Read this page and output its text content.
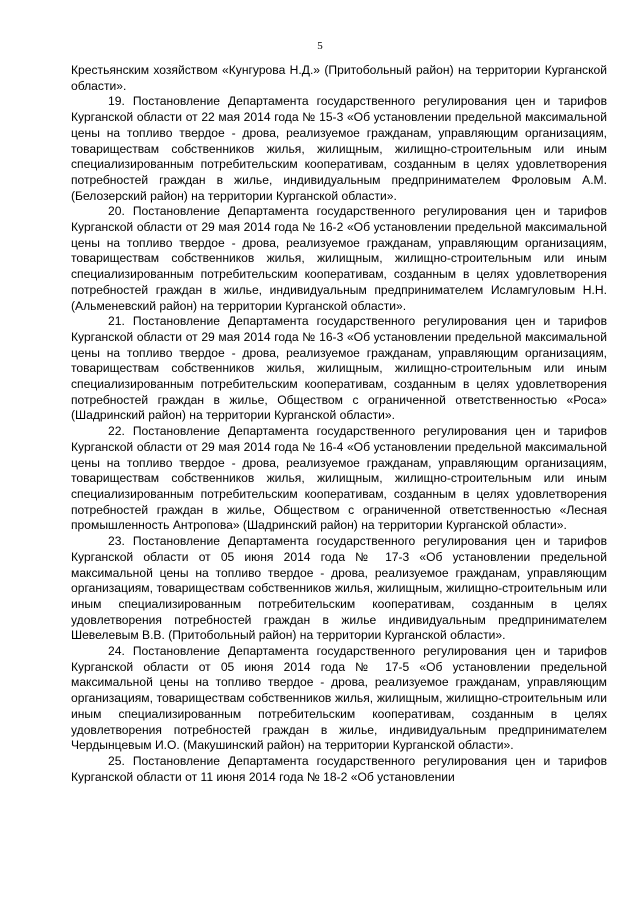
5

Крестьянским хозяйством «Кунгурова Н.Д.» (Притобольный район) на территории Курганской области».

19. Постановление Департамента государственного регулирования цен и тарифов Курганской области от 22 мая 2014 года № 15-3 «Об установлении предельной максимальной цены на топливо твердое - дрова, реализуемое гражданам, управляющим организациям, товариществам собственников жилья, жилищным, жилищно-строительным или иным специализированным потребительским кооперативам, созданным в целях удовлетворения потребностей граждан в жилье, индивидуальным предпринимателем Фроловым А.М. (Белозерский район) на территории Курганской области».

20. Постановление Департамента государственного регулирования цен и тарифов Курганской области от 29 мая 2014 года № 16-2 «Об установлении предельной максимальной цены на топливо твердое - дрова, реализуемое гражданам, управляющим организациям, товариществам собственников жилья, жилищным, жилищно-строительным или иным специализированным потребительским кооперативам, созданным в целях удовлетворения потребностей граждан в жилье, индивидуальным предпринимателем Исламгуловым Н.Н. (Альменевский район) на территории Курганской области».

21. Постановление Департамента государственного регулирования цен и тарифов Курганской области от 29 мая 2014 года № 16-3 «Об установлении предельной максимальной цены на топливо твердое - дрова, реализуемое гражданам, управляющим организациям, товариществам собственников жилья, жилищным, жилищно-строительным или иным специализированным потребительским кооперативам, созданным в целях удовлетворения потребностей граждан в жилье, Обществом с ограниченной ответственностью «Роса» (Шадринский район) на территории Курганской области».

22. Постановление Департамента государственного регулирования цен и тарифов Курганской области от 29 мая 2014 года № 16-4 «Об установлении предельной максимальной цены на топливо твердое - дрова, реализуемое гражданам, управляющим организациям, товариществам собственников жилья, жилищным, жилищно-строительным или иным специализированным потребительским кооперативам, созданным в целях удовлетворения потребностей граждан в жилье, Обществом с ограниченной ответственностью «Лесная промышленность Антропова» (Шадринский район) на территории Курганской области».

23. Постановление Департамента государственного регулирования цен и тарифов Курганской области от 05 июня 2014 года № 17-3 «Об установлении предельной максимальной цены на топливо твердое - дрова, реализуемое гражданам, управляющим организациям, товариществам собственников жилья, жилищным, жилищно-строительным или иным специализированным потребительским кооперативам, созданным в целях удовлетворения потребностей граждан в жилье индивидуальным предпринимателем Шевелевым В.В. (Притобольный район) на территории Курганской области».

24. Постановление Департамента государственного регулирования цен и тарифов Курганской области от 05 июня 2014 года № 17-5 «Об установлении предельной максимальной цены на топливо твердое - дрова, реализуемое гражданам, управляющим организациям, товариществам собственников жилья, жилищным, жилищно-строительным или иным специализированным потребительским кооперативам, созданным в целях удовлетворения потребностей граждан в жилье, индивидуальным предпринимателем Чердынцевым И.О. (Макушинский район) на территории Курганской области».

25. Постановление Департамента государственного регулирования цен и тарифов Курганской области от 11 июня 2014 года № 18-2 «Об установлении
